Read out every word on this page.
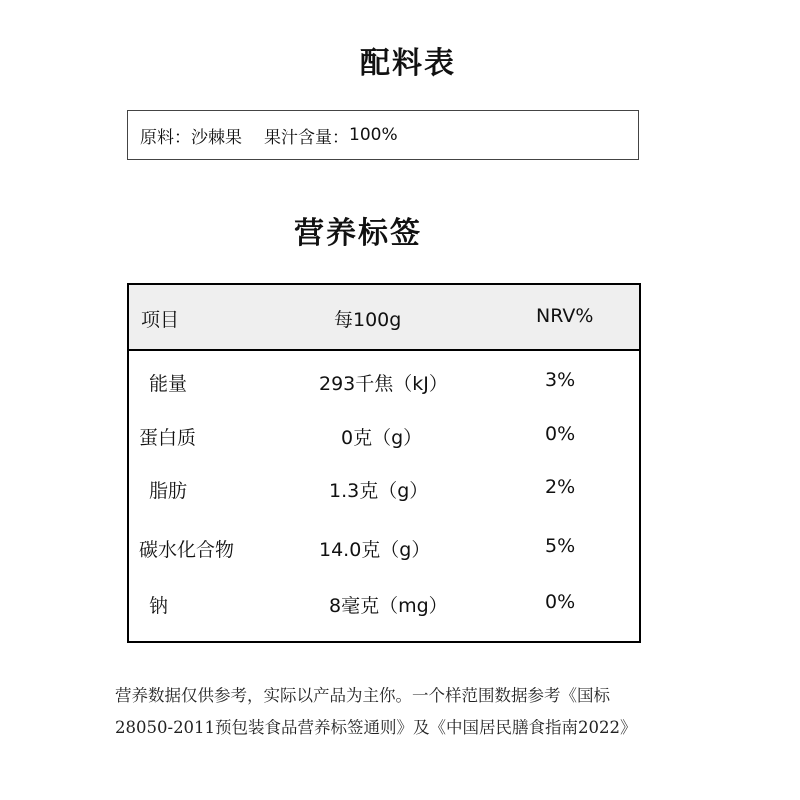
配料表
原料： 沙棘果 果汁含量： 100%
营养标签
项目	每100g	NRV%
能量	293千焦（kJ）	3%
蛋白质	0克（g）	0%
脂肪	1.3克（g）	2%
碳水化合物	14.0克（g）	5%
钠	8毫克（mg）	0%
营养数据仅供参考，实际以产品为主你。一个样范围数据参考《国标
28050-2011预包装食品营养标签通则》及《中国居民膳食指南2022》
